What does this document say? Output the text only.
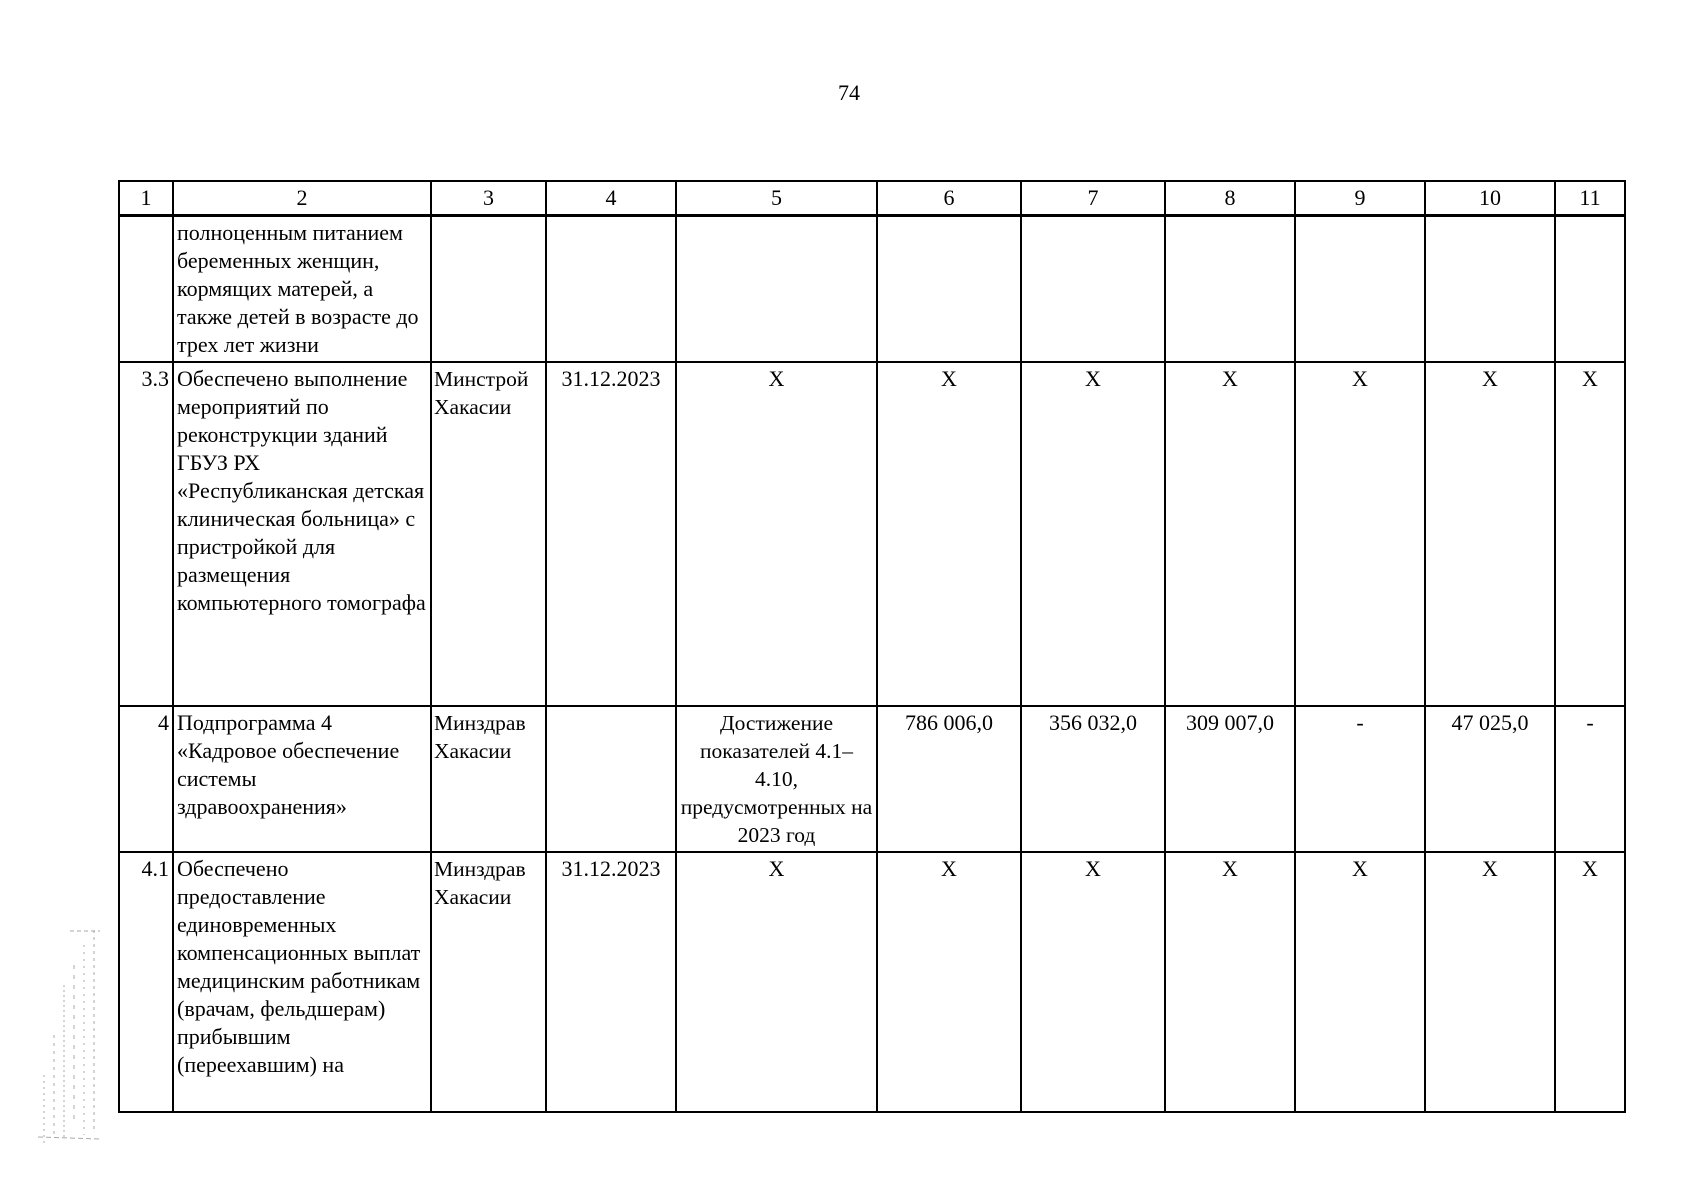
74
1	2	3	4	5	6	7	8	9	10	11
	полноценным питанием беременных женщин, кормящих матерей, а также детей в возрасте до трех лет жизни									
3.3	Обеспечено выполнение мероприятий по реконструкции зданий ГБУЗ РХ «Республиканская детская клиническая больница» с пристройкой для размещения компьютерного томографа	Минстрой Хакасии	31.12.2023	Х	Х	Х	Х	Х	Х	Х
4	Подпрограмма 4 «Кадровое обеспечение системы здравоохранения»	Минздрав Хакасии		Достижение показателей 4.1–4.10, предусмотренных на 2023 год	786 006,0	356 032,0	309 007,0	-	47 025,0	-
4.1	Обеспечено предоставление единовременных компенсационных выплат медицинским работникам (врачам, фельдшерам) прибывшим (переехавшим) на	Минздрав Хакасии	31.12.2023	Х	Х	Х	Х	Х	Х	Х
